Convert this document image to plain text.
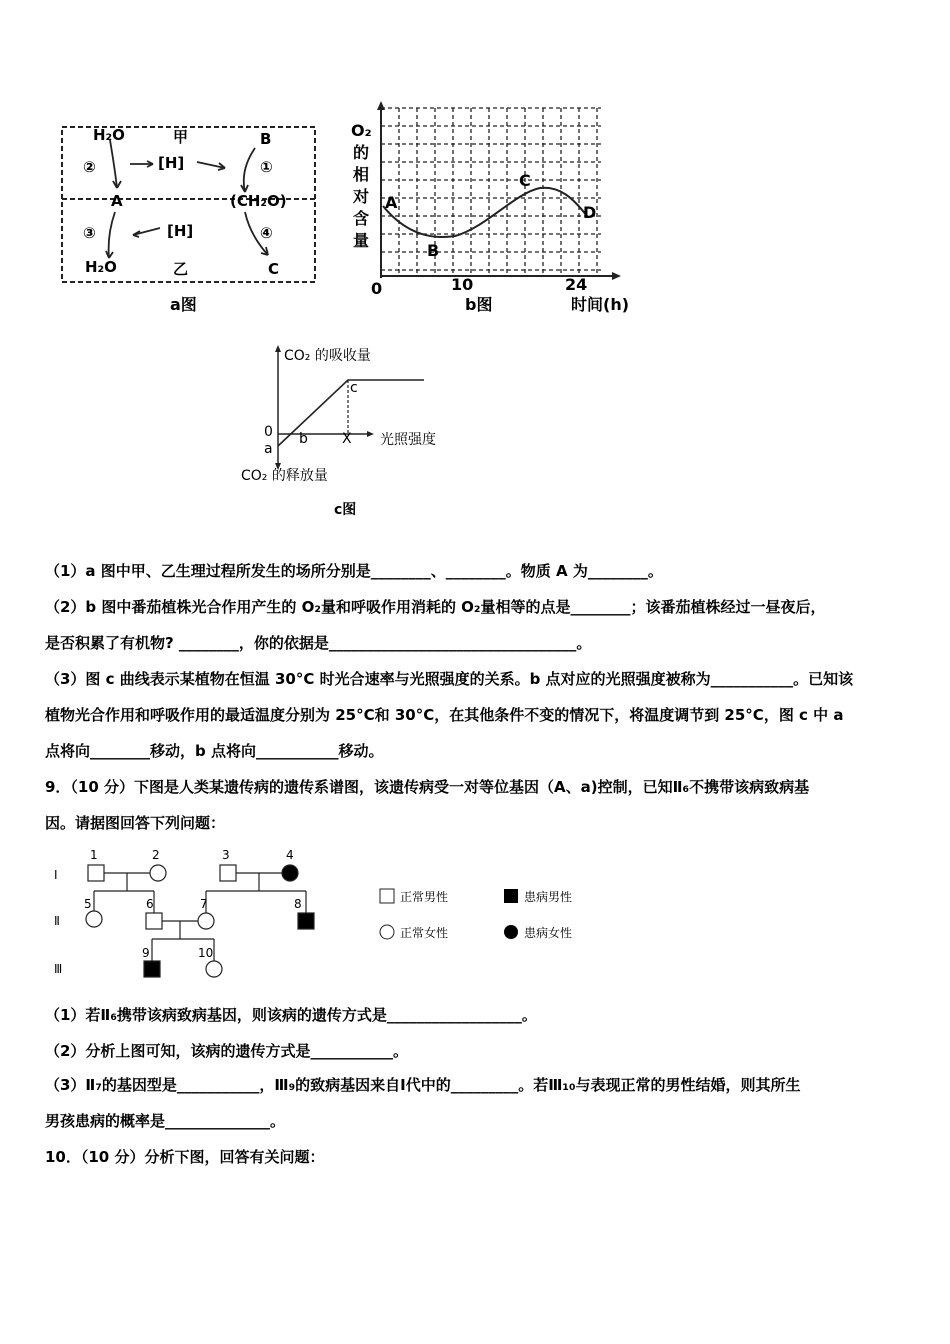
H₂O	甲	B
②	[H]	①
A	(CH₂O)
③	[H]	④
H₂O	乙	C
a图
O₂
的
相
对
含
量
A
B
C
D
0	10	24
时间(h)
b图
CO₂ 的吸收量
0
a
b
c
X 光照强度
CO₂ 的释放量
c图
（1）a 图中甲、乙生理过程所发生的场所分别是________、________。物质 A 为________。
（2）b 图中番茄植株光合作用产生的 O₂量和呼吸作用消耗的 O₂量相等的点是________；该番茄植株经过一昼夜后，
是否积累了有机物? ________，你的依据是_________________________________。
（3）图 c 曲线表示某植物在恒温 30°C 时光合速率与光照强度的关系。b 点对应的光照强度被称为___________。已知该
植物光合作用和呼吸作用的最适温度分别为 25°C和 30°C，在其他条件不变的情况下，将温度调节到 25°C，图 c 中 a
点将向________移动，b 点将向___________移动。
9．（10 分）下图是人类某遗传病的遗传系谱图，该遗传病受一对等位基因（A、a)控制，已知Ⅱ₆不携带该病致病基
因。请据图回答下列问题：
Ⅰ
Ⅱ
Ⅲ
1	2	3	4
5	6	7	8
9	10
正常男性	患病男性
正常女性	患病女性
（1）若Ⅱ₆携带该病致病基因，则该病的遗传方式是__________________。
（2）分析上图可知，该病的遗传方式是___________。
（3）Ⅱ₇的基因型是___________，Ⅲ₉的致病基因来自Ⅰ代中的_________。若Ⅲ₁₀与表现正常的男性结婚，则其所生
男孩患病的概率是______________。
10．（10 分）分析下图，回答有关问题：
